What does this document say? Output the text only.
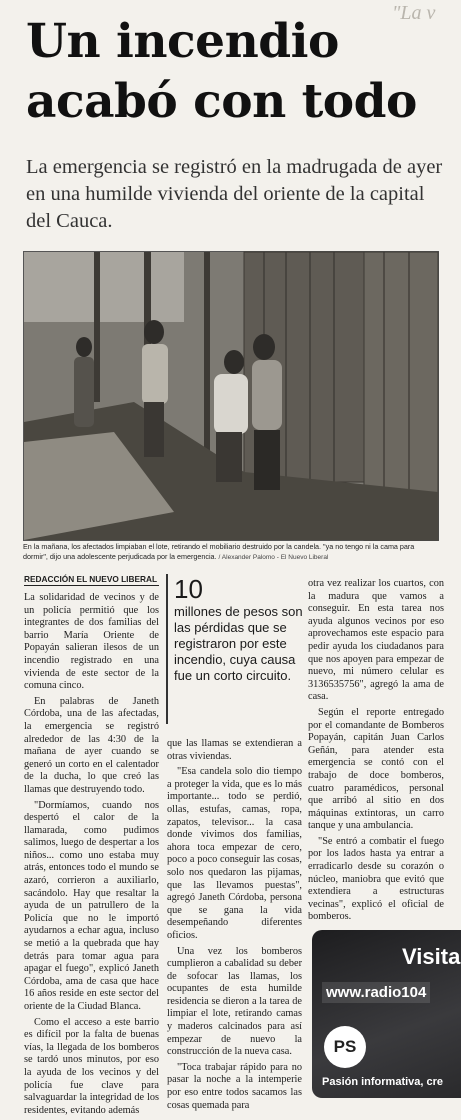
"La v
Un incendio acabó con todo

La emergencia se registró en la madrugada de ayer en una humilde vivienda del oriente de la capital del Cauca.

En la mañana, los afectados limpiaban el lote, retirando el mobiliario destruido por la candela. "ya no tengo ni la cama para dormir", dijo una adolescente perjudicada por la emergencia. / Alexander Palomo - El Nuevo Liberal

REDACCIÓN EL NUEVO LIBERAL

La solidaridad de vecinos y de un policía permitió que los integrantes de dos familias del barrio María Oriente de Popayán salieran ilesos de un incendio registrado en una vivienda de este sector de la comuna cinco.

En palabras de Janeth Córdoba, una de las afectadas, la emergencia se registró alrededor de las 4:30 de la mañana de ayer cuando se generó un corto en el calentador de la ducha, lo que creó las llamas que destruyendo todo.

"Dormíamos, cuando nos despertó el calor de la llamarada, como pudimos salimos, luego de despertar a los niños... como uno estaba muy atrás, entonces todo el mundo se azaró, corrieron a auxiliarlo, sacándolo. Hay que resaltar la ayuda de un patrullero de la Policía que no le importó ayudarnos a echar agua, incluso se metió a la quebrada que hay detrás para tomar agua para apagar el fuego", explicó Janeth Córdoba, ama de casa que hace 16 años reside en este sector del oriente de la Ciudad Blanca.

Como el acceso a este barrio es difícil por la falta de buenas vías, la llegada de los bomberos se tardó unos minutos, por eso la ayuda de los vecinos y del policía fue clave para salvaguardar la integridad de los residentes, evitando además

10
millones de pesos son las pérdidas que se registraron por este incendio, cuya causa fue un corto circuito.

que las llamas se extendieran a otras viviendas.

"Esa candela solo dio tiempo a proteger la vida, que es lo más importante... todo se perdió, ollas, estufas, camas, ropa, zapatos, televisor... la casa donde vivimos dos familias, ahora toca empezar de cero, poco a poco conseguir las cosas, solo nos quedaron las pijamas, que las llevamos puestas", agregó Janeth Córdoba, persona que se gana la vida desempeñando diferentes oficios.

Una vez los bomberos cumplieron a cabalidad su deber de sofocar las llamas, los ocupantes de esta humilde residencia se dieron a la tarea de limpiar el lote, retirando camas y maderos calcinados para así empezar de nuevo la construcción de la nueva casa.

"Toca trabajar rápido para no pasar la noche a la intemperie por eso entre todos sacamos las cosas quemada para

otra vez realizar los cuartos, con la madura que vamos a conseguir. En esta tarea nos ayuda algunos vecinos por eso aprovechamos este espacio para pedir ayuda los ciudadanos para que nos apoyen para empezar de nuevo, mi número celular es 3136535756", agregó la ama de casa.

Según el reporte entregado por el comandante de Bomberos Popayán, capitán Juan Carlos Geñán, para atender esta emergencia se contó con el trabajo de doce bomberos, cuatro paramédicos, personal que arribó al sitio en dos máquinas extintoras, un carro tanque y una ambulancia.

"Se entró a combatir el fuego por los lados hasta ya entrar a erradicarlo desde su corazón o núcleo, maniobra que evitó que extendiera a estructuras vecinas", explicó el oficial de bomberos.

Visita
www.radio104
PS
Pasión informativa, cre
